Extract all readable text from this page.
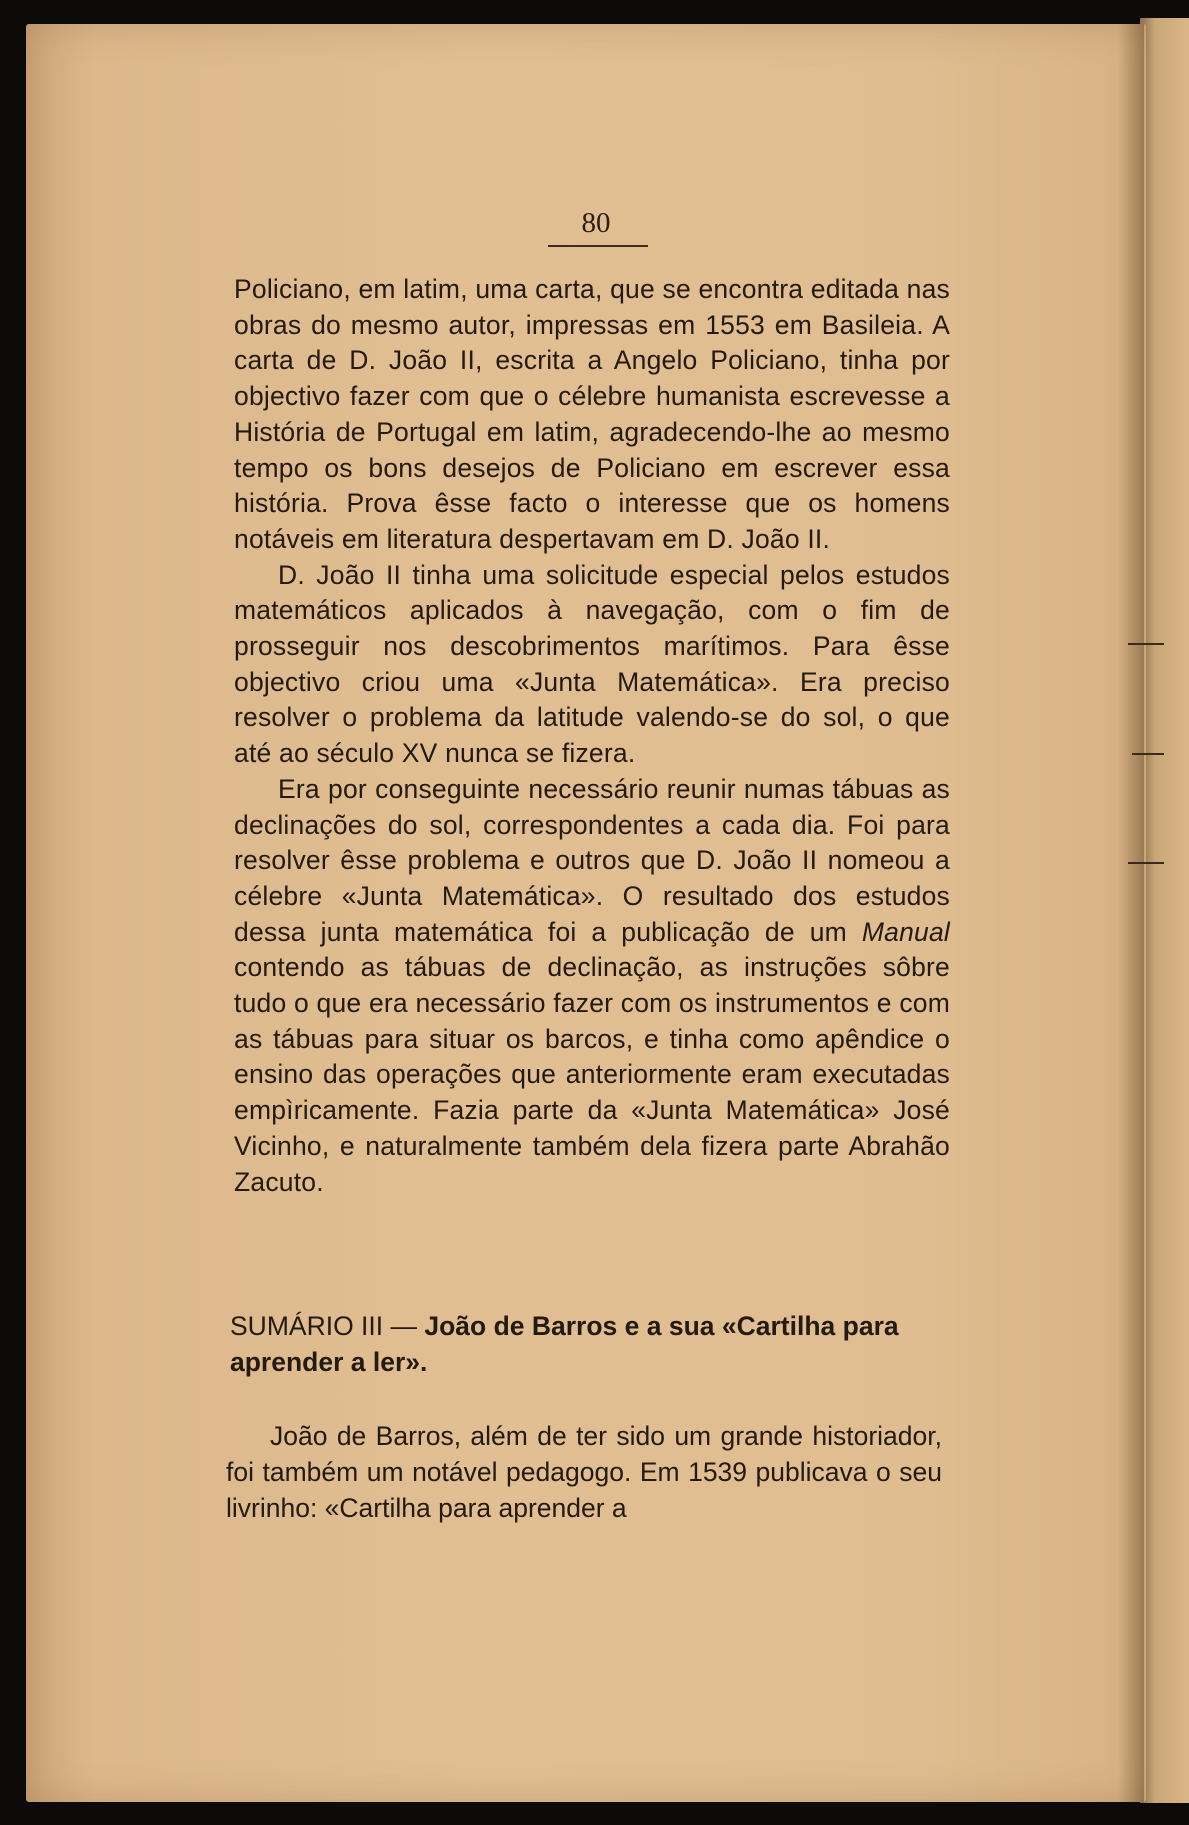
80

Policiano, em latim, uma carta, que se encontra editada nas obras do mesmo autor, impressas em 1553 em Basileia. A carta de D. João II, escrita a Angelo Policiano, tinha por objectivo fazer com que o célebre humanista escrevesse a História de Portugal em latim, agradecendo-lhe ao mesmo tempo os bons desejos de Policiano em escrever essa história. Prova êsse facto o interesse que os homens notáveis em literatura despertavam em D. João II.

D. João II tinha uma solicitude especial pelos estudos matemáticos aplicados à navegação, com o fim de prosseguir nos descobrimentos marítimos. Para êsse objectivo criou uma «Junta Matemática». Era preciso resolver o problema da latitude valendo-se do sol, o que até ao século XV nunca se fizera.

Era por conseguinte necessário reunir numas tábuas as declinações do sol, correspondentes a cada dia. Foi para resolver êsse problema e outros que D. João II nomeou a célebre «Junta Matemática». O resultado dos estudos dessa junta matemática foi a publicação de um Manual contendo as tábuas de declinação, as instruções sôbre tudo o que era necessário fazer com os instrumentos e com as tábuas para situar os barcos, e tinha como apêndice o ensino das operações que anteriormente eram executadas empìricamente. Fazia parte da «Junta Matemática» José Vicinho, e naturalmente também dela fizera parte Abrahão Zacuto.

SUMÁRIO III — João de Barros e a sua «Cartilha para aprender a ler».

João de Barros, além de ter sido um grande historiador, foi também um notável pedagogo. Em 1539 publicava o seu livrinho: «Cartilha para aprender a
